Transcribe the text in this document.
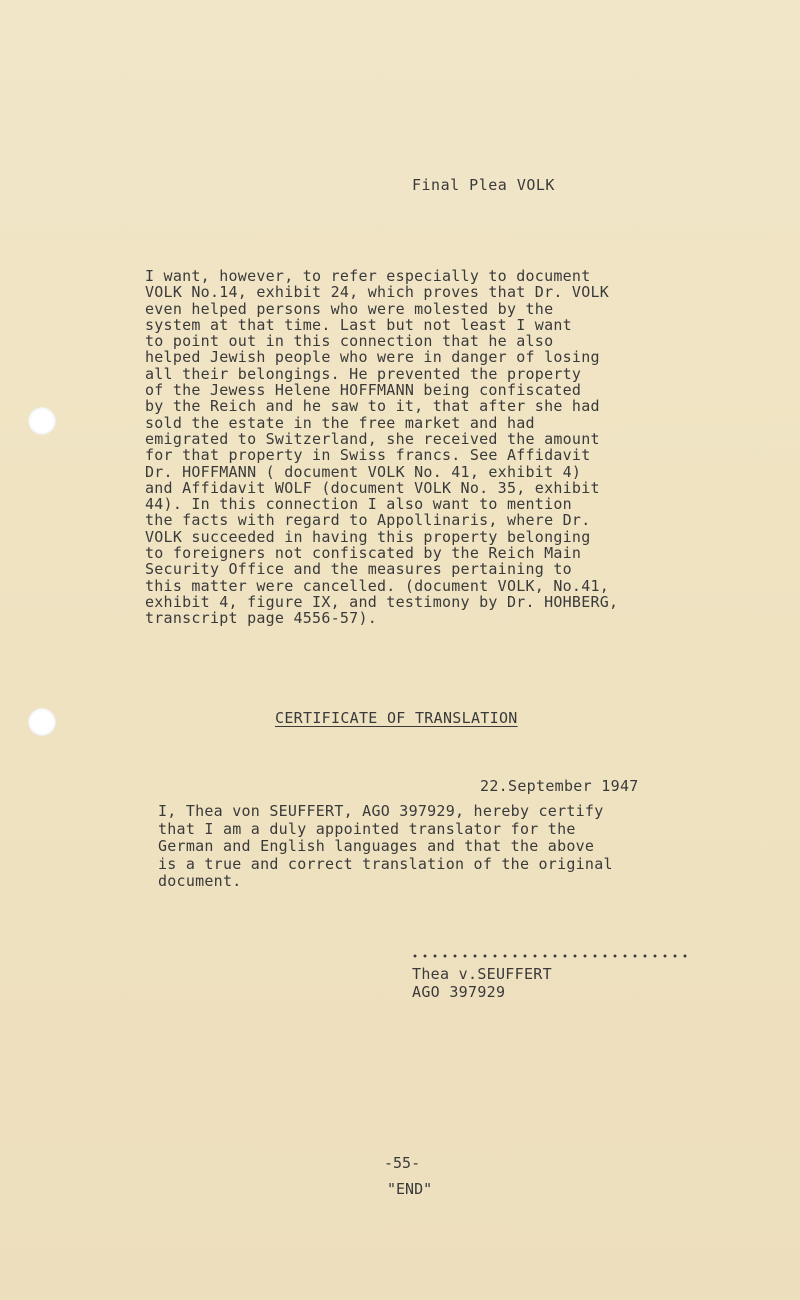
Final Plea VOLK
I want, however, to refer especially to document
VOLK No.14, exhibit 24, which proves that Dr. VOLK
even helped persons who were molested by the
system at that time. Last but not least I want
to point out in this connection that he also
helped Jewish people who were in danger of losing
all their belongings. He prevented the property
of the Jewess Helene HOFFMANN being confiscated
by the Reich and he saw to it, that after she had
sold the estate in the free market and had
emigrated to Switzerland, she received the amount
for that property in Swiss francs. See Affidavit
Dr. HOFFMANN ( document VOLK No. 41, exhibit 4)
and Affidavit WOLF (document VOLK No. 35, exhibit
44). In this connection I also want to mention
the facts with regard to Appollinaris, where Dr.
VOLK succeeded in having this property belonging
to foreigners not confiscated by the Reich Main
Security Office and the measures pertaining to
this matter were cancelled. (document VOLK, No.41,
exhibit 4, figure IX, and testimony by Dr. HOHBERG,
transcript page 4556-57).
CERTIFICATE OF TRANSLATION
22.September 1947
I, Thea von SEUFFERT, AGO 397929, hereby certify
that I am a duly appointed translator for the
German and English languages and that the above
is a true and correct translation of the original
document.
Thea v.SEUFFERT
AGO 397929
-55-
"END"
